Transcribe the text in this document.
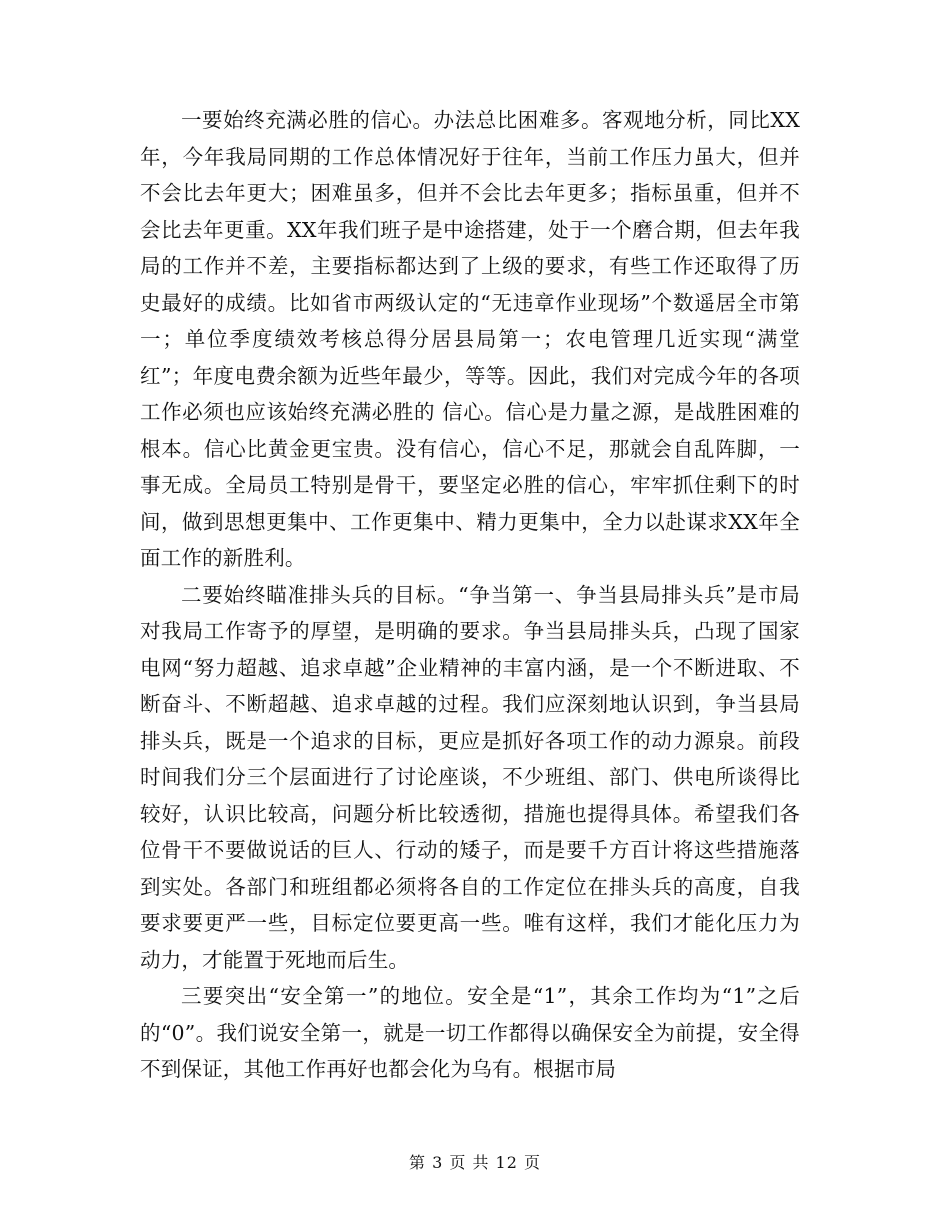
一要始终充满必胜的信心。办法总比困难多。客观地分析，同比XX年，今年我局同期的工作总体情况好于往年，当前工作压力虽大，但并不会比去年更大；困难虽多，但并不会比去年更多；指标虽重，但并不会比去年更重。XX年我们班子是中途搭建，处于一个磨合期，但去年我局的工作并不差，主要指标都达到了上级的要求，有些工作还取得了历史最好的成绩。比如省市两级认定的“无违章作业现场”个数遥居全市第一；单位季度绩效考核总得分居县局第一；农电管理几近实现“满堂红”；年度电费余额为近些年最少，等等。因此，我们对完成今年的各项工作必须也应该始终充满必胜的 信心。信心是力量之源，是战胜困难的根本。信心比黄金更宝贵。没有信心，信心不足，那就会自乱阵脚，一事无成。全局员工特别是骨干，要坚定必胜的信心，牢牢抓住剩下的时间，做到思想更集中、工作更集中、精力更集中，全力以赴谋求XX年全面工作的新胜利。

二要始终瞄准排头兵的目标。“争当第一、争当县局排头兵”是市局对我局工作寄予的厚望，是明确的要求。争当县局排头兵，凸现了国家电网“努力超越、追求卓越”企业精神的丰富内涵，是一个不断进取、不断奋斗、不断超越、追求卓越的过程。我们应深刻地认识到，争当县局排头兵，既是一个追求的目标，更应是抓好各项工作的动力源泉。前段时间我们分三个层面进行了讨论座谈，不少班组、部门、供电所谈得比较好，认识比较高，问题分析比较透彻，措施也提得具体。希望我们各位骨干不要做说话的巨人、行动的矮子，而是要千方百计将这些措施落到实处。各部门和班组都必须将各自的工作定位在排头兵的高度，自我要求要更严一些，目标定位要更高一些。唯有这样，我们才能化压力为动力，才能置于死地而后生。

三要突出“安全第一”的地位。安全是“1”，其余工作均为“1”之后的“0”。我们说安全第一，就是一切工作都得以确保安全为前提，安全得不到保证，其他工作再好也都会化为乌有。根据市局

第 3 页 共 12 页
